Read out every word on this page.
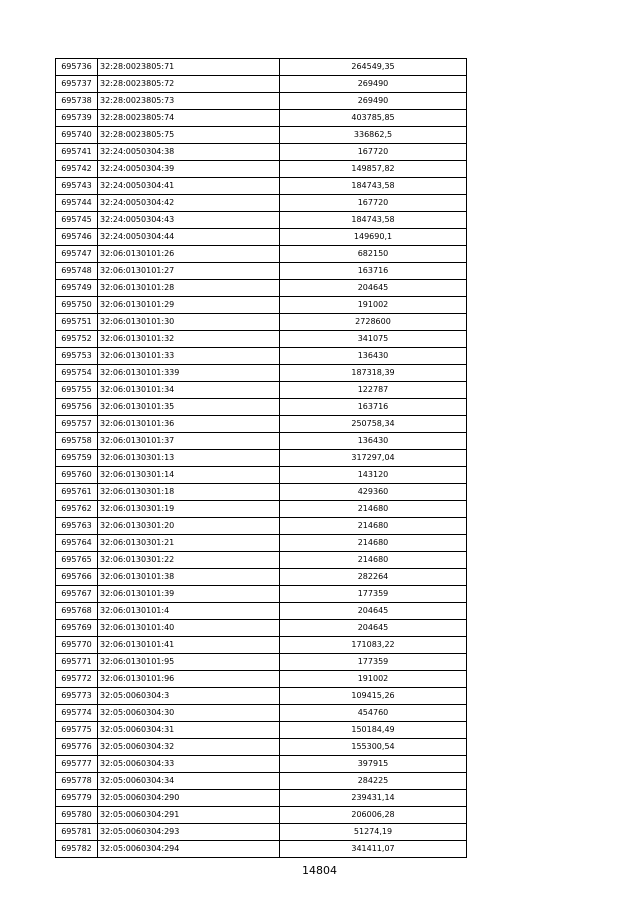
695736	32:28:0023805:71	264549,35
695737	32:28:0023805:72	269490
695738	32:28:0023805:73	269490
695739	32:28:0023805:74	403785,85
695740	32:28:0023805:75	336862,5
695741	32:24:0050304:38	167720
695742	32:24:0050304:39	149857,82
695743	32:24:0050304:41	184743,58
695744	32:24:0050304:42	167720
695745	32:24:0050304:43	184743,58
695746	32:24:0050304:44	149690,1
695747	32:06:0130101:26	682150
695748	32:06:0130101:27	163716
695749	32:06:0130101:28	204645
695750	32:06:0130101:29	191002
695751	32:06:0130101:30	2728600
695752	32:06:0130101:32	341075
695753	32:06:0130101:33	136430
695754	32:06:0130101:339	187318,39
695755	32:06:0130101:34	122787
695756	32:06:0130101:35	163716
695757	32:06:0130101:36	250758,34
695758	32:06:0130101:37	136430
695759	32:06:0130301:13	317297,04
695760	32:06:0130301:14	143120
695761	32:06:0130301:18	429360
695762	32:06:0130301:19	214680
695763	32:06:0130301:20	214680
695764	32:06:0130301:21	214680
695765	32:06:0130301:22	214680
695766	32:06:0130101:38	282264
695767	32:06:0130101:39	177359
695768	32:06:0130101:4	204645
695769	32:06:0130101:40	204645
695770	32:06:0130101:41	171083,22
695771	32:06:0130101:95	177359
695772	32:06:0130101:96	191002
695773	32:05:0060304:3	109415,26
695774	32:05:0060304:30	454760
695775	32:05:0060304:31	150184,49
695776	32:05:0060304:32	155300,54
695777	32:05:0060304:33	397915
695778	32:05:0060304:34	284225
695779	32:05:0060304:290	239431,14
695780	32:05:0060304:291	206006,28
695781	32:05:0060304:293	51274,19
695782	32:05:0060304:294	341411,07
14804
